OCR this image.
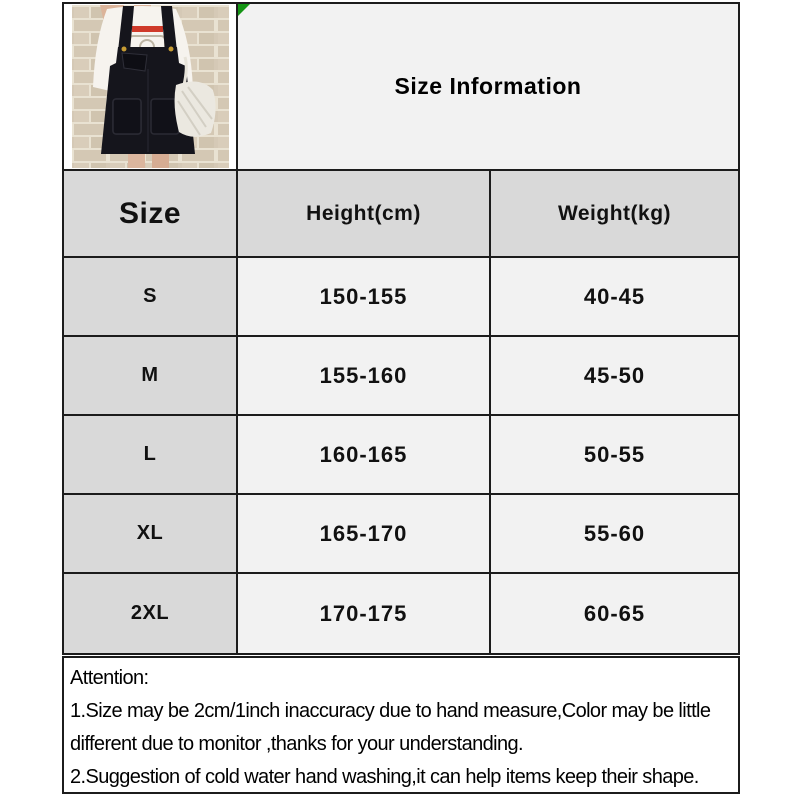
Size Information
Size	Height(cm)	Weight(kg)
S	150-155	40-45
M	155-160	45-50
L	160-165	50-55
XL	165-170	55-60
2XL	170-175	60-65
Attention:
1.Size may be 2cm/1inch inaccuracy due to hand measure,Color may be little
different due to monitor ,thanks for your understanding.
2.Suggestion of cold water hand washing,it can help items keep their shape.
